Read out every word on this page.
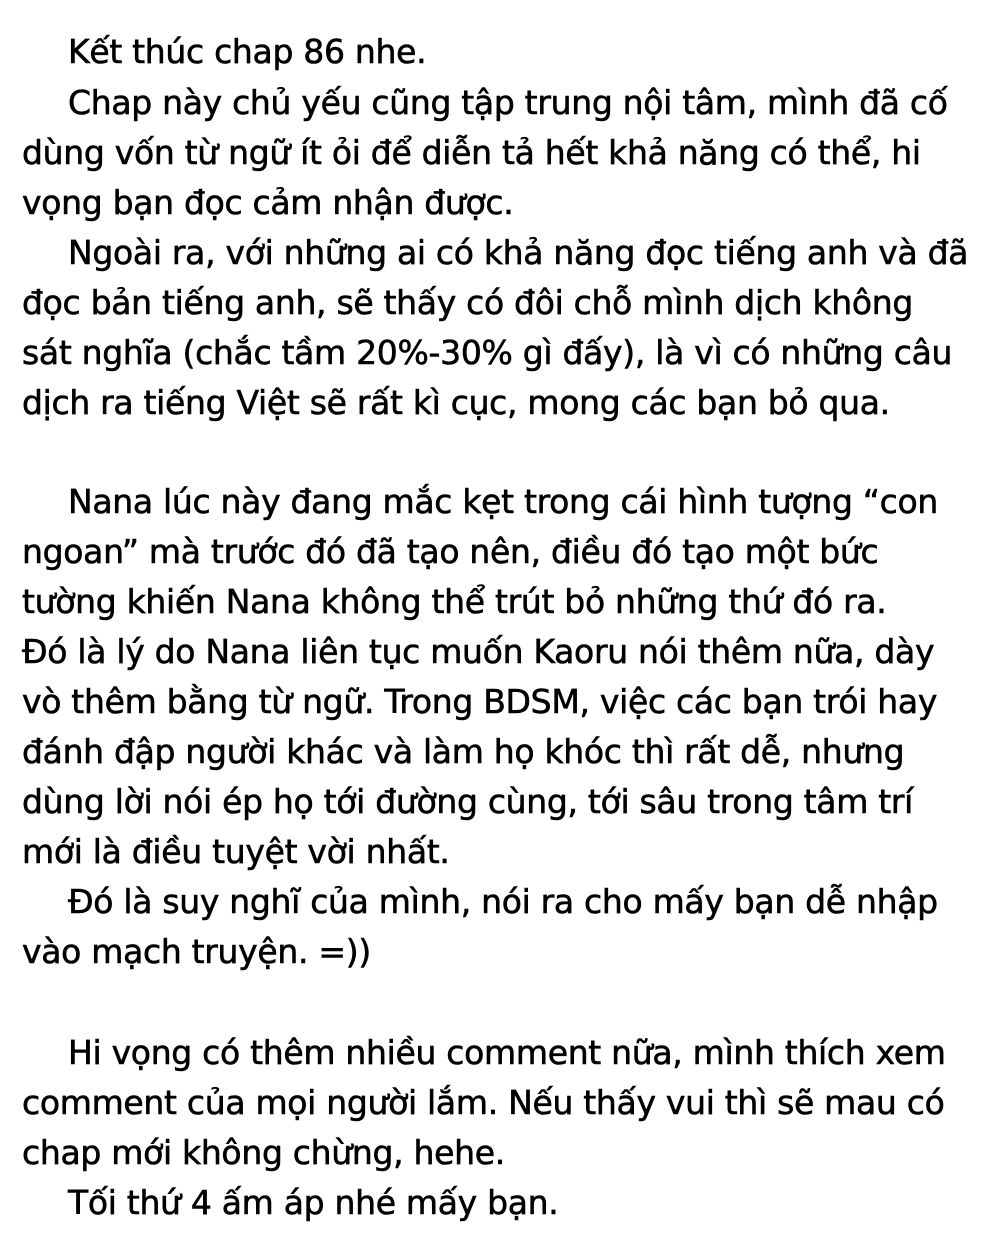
Kết thúc chap 86 nhe.
Chap này chủ yếu cũng tập trung nội tâm, mình đã cố
dùng vốn từ ngữ ít ỏi để diễn tả hết khả năng có thể, hi
vọng bạn đọc cảm nhận được.
Ngoài ra, với những ai có khả năng đọc tiếng anh và đã
đọc bản tiếng anh, sẽ thấy có đôi chỗ mình dịch không
sát nghĩa (chắc tầm 20%-30% gì đấy), là vì có những câu
dịch ra tiếng Việt sẽ rất kì cục, mong các bạn bỏ qua.
Nana lúc này đang mắc kẹt trong cái hình tượng “con
ngoan” mà trước đó đã tạo nên, điều đó tạo một bức
tường khiến Nana không thể trút bỏ những thứ đó ra.
Đó là lý do Nana liên tục muốn Kaoru nói thêm nữa, dày
vò thêm bằng từ ngữ. Trong BDSM, việc các bạn trói hay
đánh đập người khác và làm họ khóc thì rất dễ, nhưng
dùng lời nói ép họ tới đường cùng, tới sâu trong tâm trí
mới là điều tuyệt vời nhất.
Đó là suy nghĩ của mình, nói ra cho mấy bạn dễ nhập
vào mạch truyện. =))
Hi vọng có thêm nhiều comment nữa, mình thích xem
comment của mọi người lắm. Nếu thấy vui thì sẽ mau có
chap mới không chừng, hehe.
Tối thứ 4 ấm áp nhé mấy bạn.
